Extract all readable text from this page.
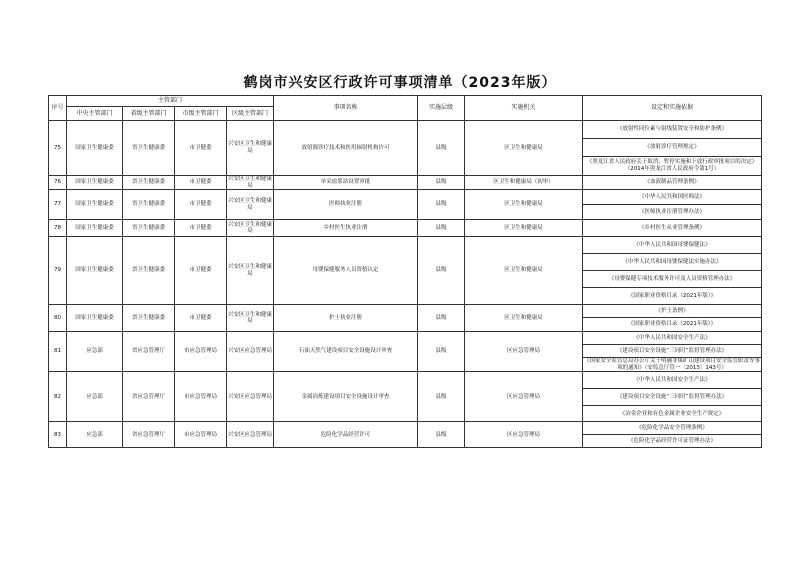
鹤岗市兴安区行政许可事项清单（2023年版）
序号	主管部门				事项名称	实施层级	实施机关	设定和实施依据
	中央主管部门	省级主管部门	市级主管部门	区级主管部门				
75	国家卫生健康委	省卫生健康委	市卫健委	兴安区卫生和健康局	放射源诊疗技术和医用辐射机构许可	县级	区卫生和健康局	《放射性同位素与射线装置安全和防护条例》
								《放射诊疗管理规定》
								《黑龙江省人民政府关于取消、暂停实施和下放行政审批项目的决定》（2014年黑龙江省人民政府令第1号）
76	国家卫生健康委	省卫生健康委	市卫健委	兴安区卫生和健康局	单采血浆站设置审批	县级	区卫生和健康局（初审）	《血液制品管理条例》
77	国家卫生健康委	省卫生健康委	市卫健委	兴安区卫生和健康局	医师执业注册	县级	区卫生和健康局	《中华人民共和国医师法》
								《医师执业注册管理办法》
78	国家卫生健康委	省卫生健康委	市卫健委	兴安区卫生和健康局	乡村医生执业注册	县级	区卫生和健康局	《乡村医生从业管理条例》
79	国家卫生健康委	省卫生健康委	市卫健委	兴安区卫生和健康局	母婴保健服务人员资格认定	县级	区卫生和健康局	《中华人民共和国母婴保健法》
								《中华人民共和国母婴保健法实施办法》
								《母婴保健专项技术服务许可及人员资格管理办法》
								《国家职业资格目录（2021年版）》
80	国家卫生健康委	省卫生健康委	市卫健委	兴安区卫生和健康局	护士执业注册	县级	区卫生和健康局	《护士条例》
								《国家职业资格目录（2021年版）》
81	应急部	省应急管理厅	市应急管理局	兴安区应急管理局	石油天然气建设项目安全设施设计审查	县级	区应急管理局	《中华人民共和国安全生产法》
								《建设项目安全设施“三同时”监督管理办法》
								《国家安全监管总局办公厅关于明确非煤矿山建设项目安全监管职责等事项的通知》（安监总厅管一〔2013〕143号）
82	应急部	省应急管理厅	市应急管理局	兴安区应急管理局	金属冶炼建设项目安全设施设计审查	县级	区应急管理局	《中华人民共和国安全生产法》
								《建设项目安全设施“三同时”监督管理办法》
								《冶金企业和有色金属企业安全生产规定》
83	应急部	省应急管理厅	市应急管理局	兴安区应急管理局	危险化学品经营许可	县级	区应急管理局	《危险化学品安全管理条例》
								《危险化学品经营许可证管理办法》
